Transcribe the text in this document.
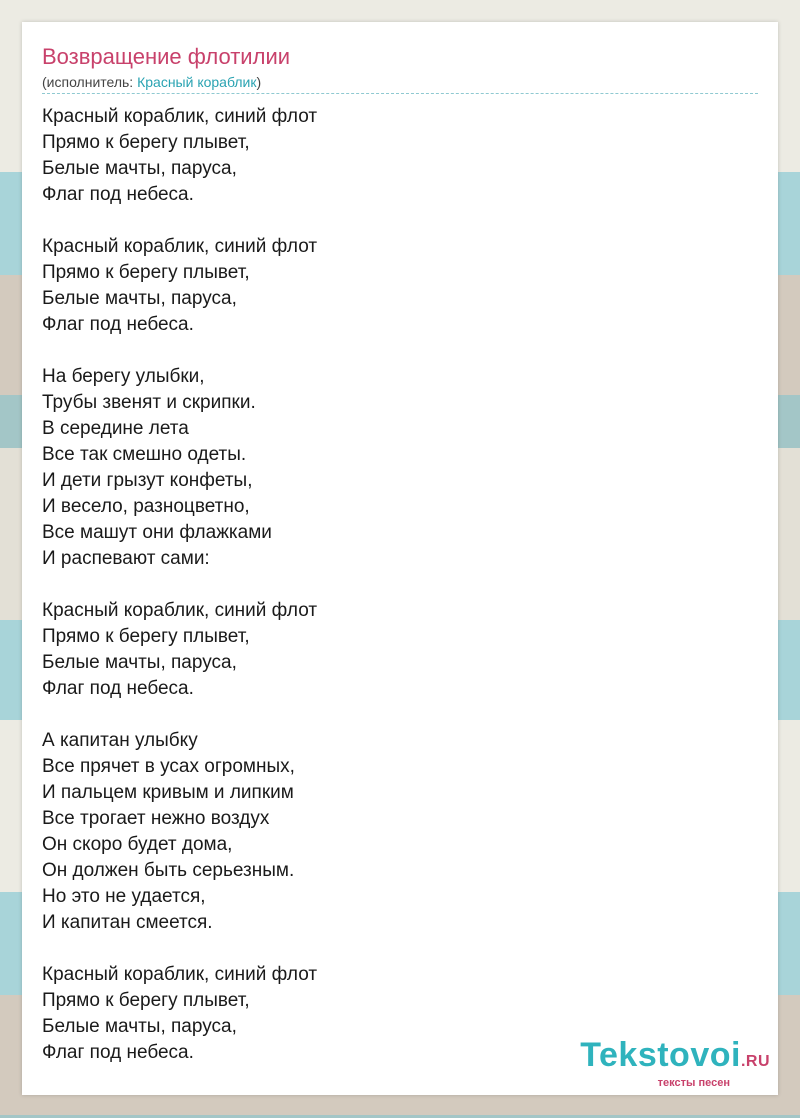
Возвращение флотилии
(исполнитель: Красный кораблик)
Красный кораблик, синий флот
Прямо к берегу плывет,
Белые мачты, паруса,
Флаг под небеса.
Красный кораблик, синий флот
Прямо к берегу плывет,
Белые мачты, паруса,
Флаг под небеса.
На берегу улыбки,
Трубы звенят и скрипки.
В середине лета
Все так смешно одеты.
И дети грызут конфеты,
И весело, разноцветно,
Все машут они флажками
И распевают сами:
Красный кораблик, синий флот
Прямо к берегу плывет,
Белые мачты, паруса,
Флаг под небеса.
А капитан улыбку
Все прячет в усах огромных,
И пальцем кривым и липким
Все трогает нежно воздух
Он скоро будет дома,
Он должен быть серьезным.
Но это не удается,
И капитан смеется.
Красный кораблик, синий флот
Прямо к берегу плывет,
Белые мачты, паруса,
Флаг под небеса.	Tekstovoi.RU
тексты песен
